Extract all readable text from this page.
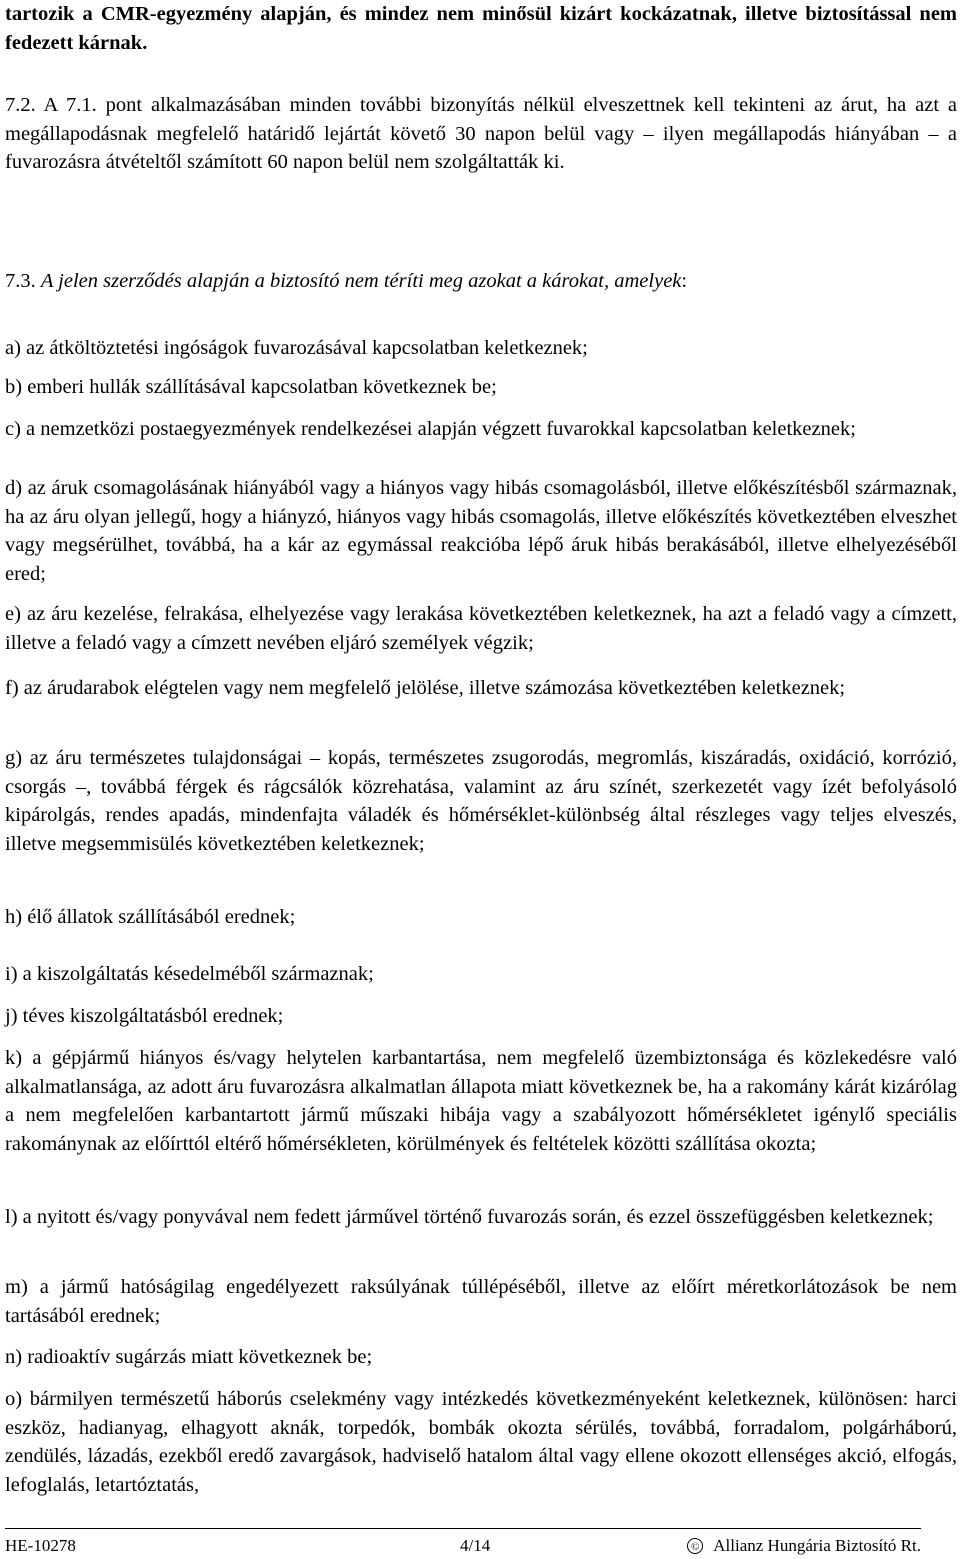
tartozik a CMR-egyezmény alapján, és mindez nem minősül kizárt kockázatnak, illetve biztosítással nem fedezett kárnak.

7.2. A 7.1. pont alkalmazásában minden további bizonyítás nélkül elveszettnek kell tekinteni az árut, ha azt a megállapodásnak megfelelő határidő lejártát követő 30 napon belül vagy – ilyen megállapodás hiányában – a fuvarozásra átvételtől számított 60 napon belül nem szolgáltatták ki.

7.3. A jelen szerződés alapján a biztosító nem téríti meg azokat a károkat, amelyek:

a) az átköltöztetési ingóságok fuvarozásával kapcsolatban keletkeznek;

b) emberi hullák szállításával kapcsolatban következnek be;

c) a nemzetközi postaegyezmények rendelkezései alapján végzett fuvarokkal kapcsolatban keletkeznek;

d) az áruk csomagolásának hiányából vagy a hiányos vagy hibás csomagolásból, illetve előkészítésből származnak, ha az áru olyan jellegű, hogy a hiányzó, hiányos vagy hibás csomagolás, illetve előkészítés következtében elveszhet vagy megsérülhet, továbbá, ha a kár az egymással reakcióba lépő áruk hibás berakásából, illetve elhelyezéséből ered;

e) az áru kezelése, felrakása, elhelyezése vagy lerakása következtében keletkeznek, ha azt a feladó vagy a címzett, illetve a feladó vagy a címzett nevében eljáró személyek végzik;

f) az árudarabok elégtelen vagy nem megfelelő jelölése, illetve számozása következtében keletkeznek;

g) az áru természetes tulajdonságai – kopás, természetes zsugorodás, megromlás, kiszáradás, oxidáció, korrózió, csorgás –, továbbá férgek és rágcsálók közrehatása, valamint az áru színét, szerkezetét vagy ízét befolyásoló kipárolgás, rendes apadás, mindenfajta váladék és hőmérséklet-különbség által részleges vagy teljes elveszés, illetve megsemmisülés következtében keletkeznek;

h) élő állatok szállításából erednek;

i) a kiszolgáltatás késedelméből származnak;

j) téves kiszolgáltatásból erednek;

k) a gépjármű hiányos és/vagy helytelen karbantartása, nem megfelelő üzembiztonsága és közlekedésre való alkalmatlansága, az adott áru fuvarozásra alkalmatlan állapota miatt következnek be, ha a rakomány kárát kizárólag a nem megfelelően karbantartott jármű műszaki hibája vagy a szabályozott hőmérsékletet igénylő speciális rakománynak az előírttól eltérő hőmérsékleten, körülmények és feltételek közötti szállítása okozta;

l) a nyitott és/vagy ponyvával nem fedett járművel történő fuvarozás során, és ezzel összefüggésben keletkeznek;

m) a jármű hatóságilag engedélyezett raksúlyának túllépéséből, illetve az előírt méretkorlátozások be nem tartásából erednek;

n) radioaktív sugárzás miatt következnek be;

o) bármilyen természetű háborús cselekmény vagy intézkedés következményeként keletkeznek, különösen: harci eszköz, hadianyag, elhagyott aknák, torpedók, bombák okozta sérülés, továbbá, forradalom, polgárháború, zendülés, lázadás, ezekből eredő zavargások, hadviselő hatalom által vagy ellene okozott ellenséges akció, elfogás, lefoglalás, letartóztatás,

HE-10278	4/14	© Allianz Hungária Biztosító Rt.
